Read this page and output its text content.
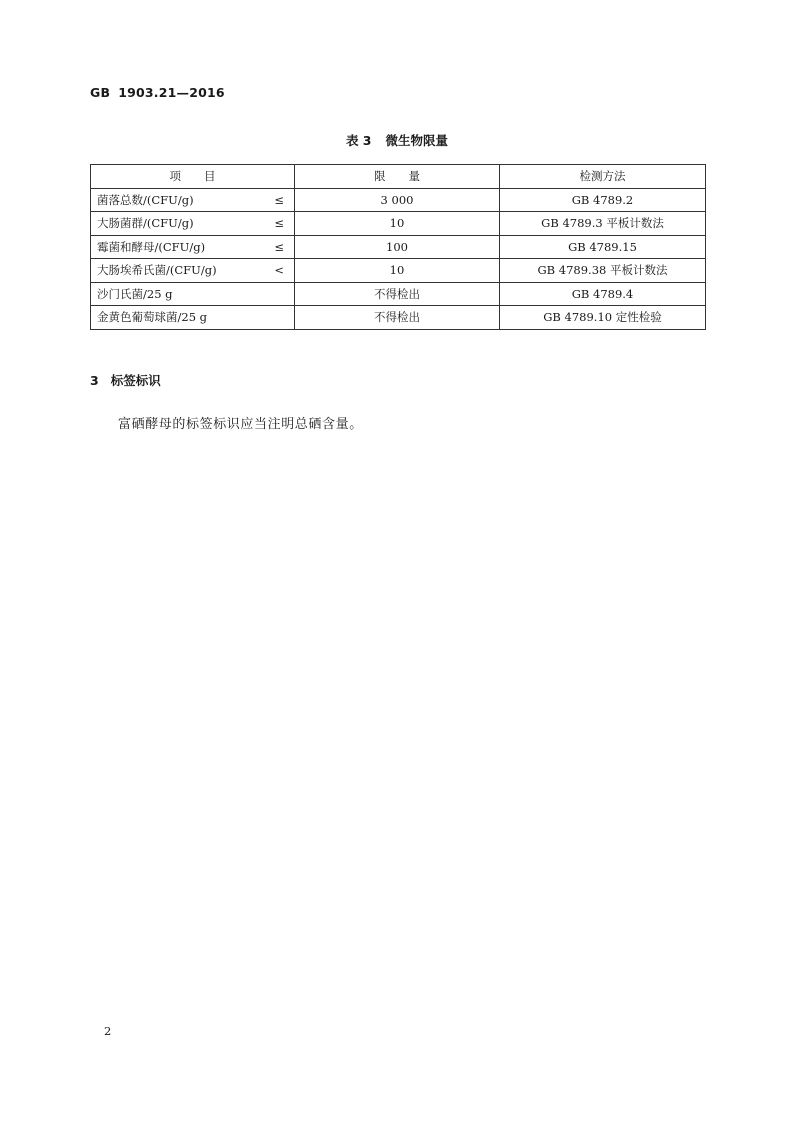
GB 1903.21—2016
表 3 微生物限量
项　　目	限　　量	检测方法
菌落总数/(CFU/g) ≤	3 000	GB 4789.2
大肠菌群/(CFU/g) ≤	10	GB 4789.3 平板计数法
霉菌和酵母/(CFU/g) ≤	100	GB 4789.15
大肠埃希氏菌/(CFU/g) <	10	GB 4789.38 平板计数法
沙门氏菌/25 g	不得检出	GB 4789.4
金黄色葡萄球菌/25 g	不得检出	GB 4789.10 定性检验
3 标签标识
富硒酵母的标签标识应当注明总硒含量。
2
